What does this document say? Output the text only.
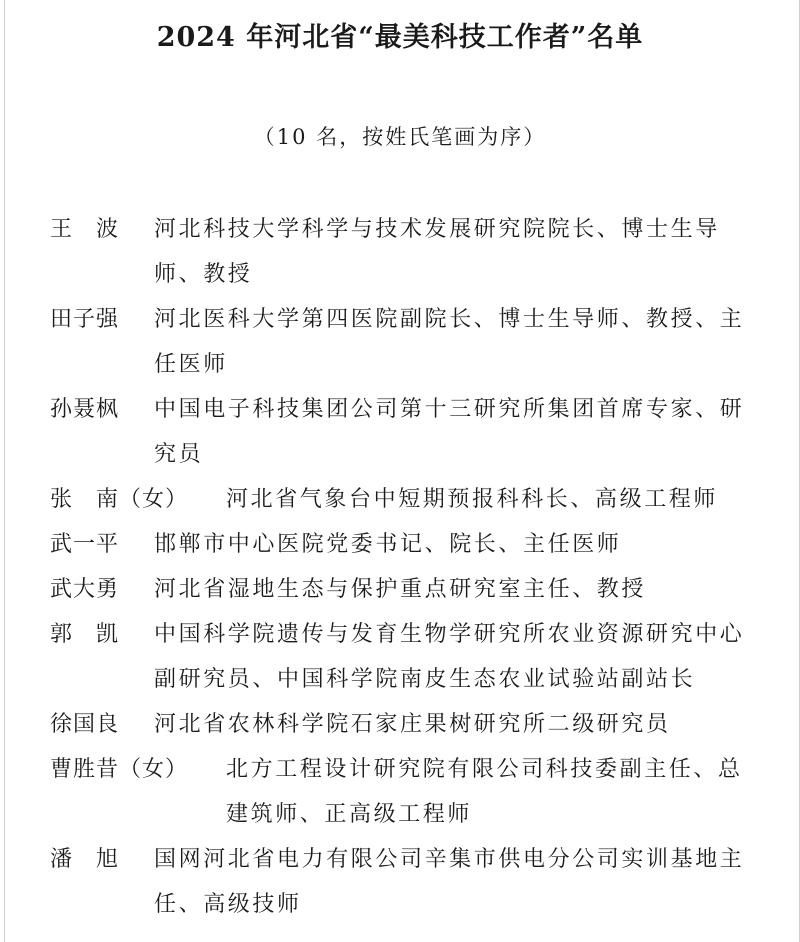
2024 年河北省“最美科技工作者”名单

（10 名，按姓氏笔画为序）

王　波	河北科技大学科学与技术发展研究院院长、博士生导师、教授
田子强	河北医科大学第四医院副院长、博士生导师、教授、主任医师
孙聂枫	中国电子科技集团公司第十三研究所集团首席专家、研究员
张　南（女）	河北省气象台中短期预报科科长、高级工程师
武一平	邯郸市中心医院党委书记、院长、主任医师
武大勇	河北省湿地生态与保护重点研究室主任、教授
郭　凯	中国科学院遗传与发育生物学研究所农业资源研究中心副研究员、中国科学院南皮生态农业试验站副站长
徐国良	河北省农林科学院石家庄果树研究所二级研究员
曹胜昔（女）	北方工程设计研究院有限公司科技委副主任、总建筑师、正高级工程师
潘　旭	国网河北省电力有限公司辛集市供电分公司实训基地主任、高级技师
